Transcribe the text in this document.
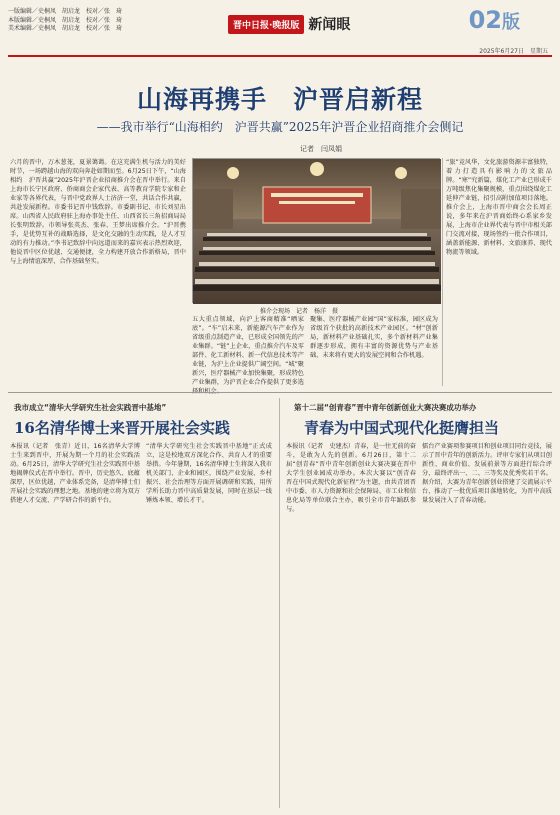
一版编辑／史桐凤　胡启龙　校对／张　琦
本版编辑／史桐凤　胡启龙　校对／张　琦
美术编辑／史桐凤　胡启龙　校对／张　琦	晋中日报·晚报版 新闻眼	02版
2025年6月27日　星期五
山海再携手　沪晋启新程
——我市举行“山海相约　沪晋共赢”2025年沪晋企业招商推介会侧记
记者　闫凤娟
六月的晋中，万木葱茏，夏景蔼蔼。在这充满生机与活力的美好时节，一场跨越山海的双向奔赴如期而至。6月25日下午，“山海相约　沪晋共赢”2025年沪晋企业招商推介会在晋中举行。来自上海市长宁区政府、侨商商会企家代表、高等教育学院专家和企业家等各界代表，与晋中党政界人士济济一堂，共话合作共赢，共赴发展新程。市委书记晋中钱致辞。市委副书记、市长刘星出席。山西省人民政府驻上海办事处主任、山西省长三角招商局局长张明致辞。市领导张英杰、张春、王梦出席推介会。“沪晋携手，是优势互补的战略选择，是文化交融的生动实践，是人才互动的有力推动。”李书记致辞中向远道而来的嘉宾表示热烈欢迎，他说晋中区位优越、交通便捷，全力构建开放合作新格局，晋中与上海情谊深厚，合作基础坚实。
推介会现场　记者　杨洋　摄
五大重点领域，向沪上客商精准“晒家底”。“车”启未来，新能源汽车产业作为省级重点制造产业，已形成全国领先的产业集群。“链”上企业，重点推介汽车及零部件、化工新材料、新一代信息技术等产业链，为沪上企业提供广阔空间。“城”聚新兴，医疗器械产业加快集聚，形成特色产业集群，为沪晋企业合作提供了更多选
聚集、医疗器械产业园“国”家标准，园区成为省级首个获批的高新技术产业园区。“材”创新局，新材料产业基础扎实，多个新材料产业集群逐步形成，拥有丰富的资源优势与产业基础，未来将有更大的发展空间和合作机遇。
“旅”竞风华，文化旅游资源丰富独特，着力打造具有影响力的文旅品牌。“寒”究新篇，煤化工产业已形成千万吨级焦化集聚规模，重点围绕煤化工延伸产业链，招引高附加值项目落地。推介会上，上海市晋中商会会长周正说，多年来在沪晋商始终心系家乡发展，上海市企业界代表与晋中市相关部门交流对接，现场签约一批合作项目，涵盖新能源、新材料、文旅康养、现代物流等领域。
我市成立“清华大学研究生社会实践晋中基地”
16名清华博士来晋开展社会实践
本报讯（记者　张青）近日，16名清华大学博士生来到晋中，开展为期一个月的社会实践活动。6月25日，清华大学研究生社会实践晋中基地揭牌仪式在晋中举行。晋中，历史悠久、底蕴深厚，区位优越，产业体系完备，是清华博士们开展社会实践的理想之地。基地的建立将为双方搭建人才交流、产学研合作的新平台。
“清华大学研究生社会实践晋中基地”正式成立，这是校地双方深化合作、共育人才的重要举措。今年暑期，16名清华博士生将深入我市机关部门、企业和园区，围绕产业发展、乡村振兴、社会治理等方面开展调研和实践，用所学所长助力晋中高质量发展，同时在基层一线锤炼本领、增长才干。
第十二届“创青春”晋中青年创新创业大赛决赛成功举办
青春为中国式现代化挺膺担当
本报讯（记者　史建杰）青春，是一往无前的奋斗，是敢为人先的创新。6月26日，第十二届“创青春”晋中青年创新创业大赛决赛在晋中大学生创业园成功举办。本次大赛以“创青春　晋在中国式现代化新征程”为主题，由共青团晋中市委、市人力资源和社会保障局、市工业和信息化局等单位联合主办，吸引全市青年踊跃参与。
擂台产业赛项参赛项目和创业项目同台竞技，展示了晋中青年的创新活力。评审专家们从项目创新性、商业价值、发展前景等方面进行综合评分，最终评出一、二、三等奖及优秀奖若干名。据介绍，大赛为青年创新创业搭建了交流展示平台，推动了一批优质项目落地转化，为晋中高质量发展注入了青春动能。
